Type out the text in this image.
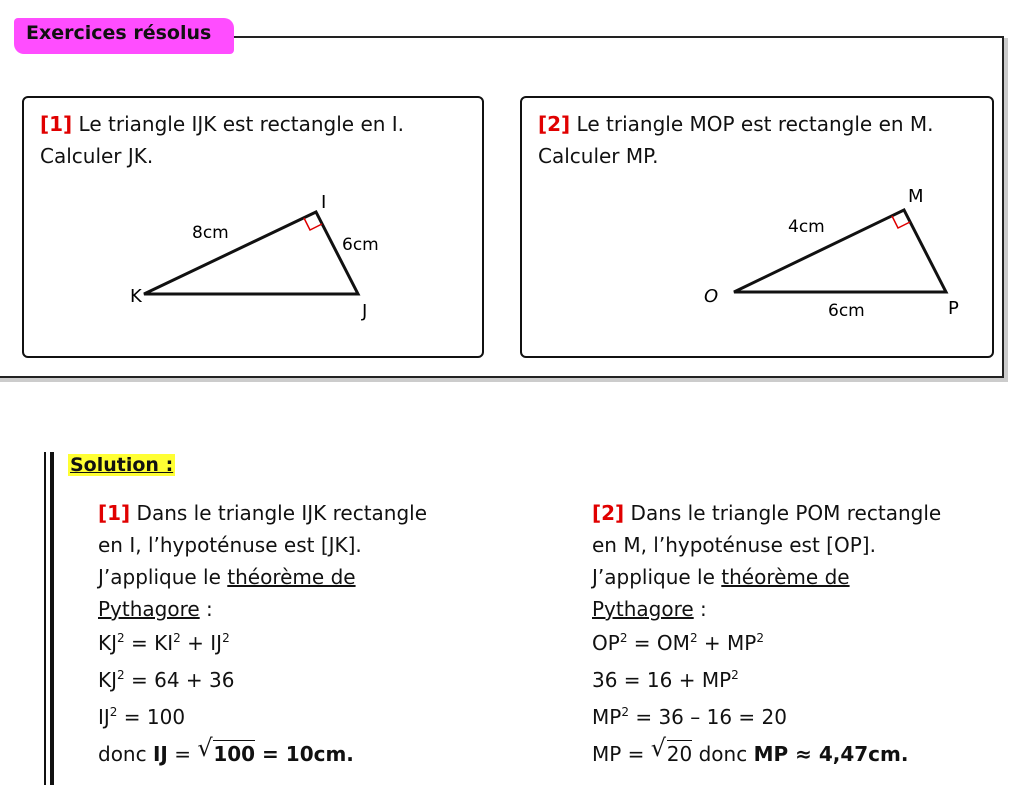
Exercices résolus
[1] Le triangle IJK est rectangle en I.
Calculer JK.
I
J
K
8cm
6cm
[2] Le triangle MOP est rectangle en M.
Calculer MP.
M
O
P
4cm
6cm
Solution :
[1] Dans le triangle IJK rectangle
en I, l’hypoténuse est [JK].
J’applique le théorème de
Pythagore :
$KJ^2 = KI^2 + IJ^2$
$KJ^2 = 64 + 36$
$IJ^2 = 100$
donc IJ = √ 100 = 10cm.
[2] Dans le triangle POM rectangle
en M, l’hypoténuse est [OP].
J’applique le théorème de
Pythagore :
$OP^2 = OM^2 + MP^2$
$36 = 16 + MP^2$
$MP^2 = 36 - 16 = 20$
MP = √ 20 donc MP ≈ 4,47cm.
